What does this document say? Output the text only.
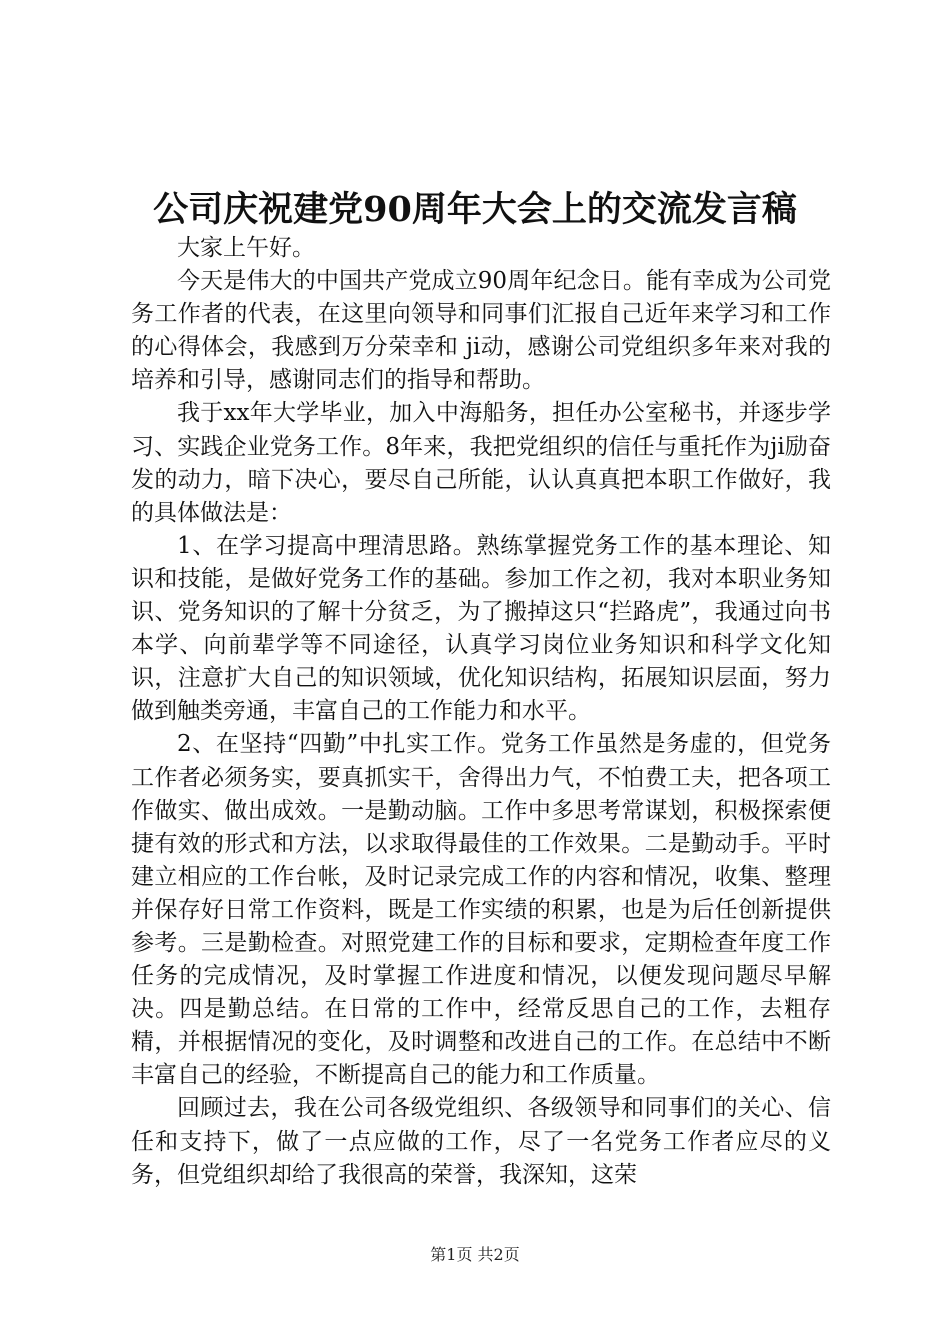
公司庆祝建党90周年大会上的交流发言稿

大家上午好。

今天是伟大的中国共产党成立90周年纪念日。能有幸成为公司党务工作者的代表，在这里向领导和同事们汇报自己近年来学习和工作的心得体会，我感到万分荣幸和 ji动，感谢公司党组织多年来对我的培养和引导，感谢同志们的指导和帮助。

我于xx年大学毕业，加入中海船务，担任办公室秘书，并逐步学习、实践企业党务工作。8年来，我把党组织的信任与重托作为ji励奋发的动力，暗下决心，要尽自己所能，认认真真把本职工作做好，我的具体做法是：

1、在学习提高中理清思路。熟练掌握党务工作的基本理论、知识和技能，是做好党务工作的基础。参加工作之初，我对本职业务知识、党务知识的了解十分贫乏，为了搬掉这只“拦路虎”，我通过向书本学、向前辈学等不同途径，认真学习岗位业务知识和科学文化知识，注意扩大自己的知识领域，优化知识结构，拓展知识层面，努力做到触类旁通，丰富自己的工作能力和水平。

2、在坚持“四勤”中扎实工作。党务工作虽然是务虚的，但党务工作者必须务实，要真抓实干，舍得出力气，不怕费工夫，把各项工作做实、做出成效。一是勤动脑。工作中多思考常谋划，积极探索便捷有效的形式和方法，以求取得最佳的工作效果。二是勤动手。平时建立相应的工作台帐，及时记录完成工作的内容和情况，收集、整理并保存好日常工作资料，既是工作实绩的积累，也是为后任创新提供参考。三是勤检查。对照党建工作的目标和要求，定期检查年度工作任务的完成情况，及时掌握工作进度和情况，以便发现问题尽早解决。四是勤总结。在日常的工作中，经常反思自己的工作，去粗存精，并根据情况的变化，及时调整和改进自己的工作。在总结中不断丰富自己的经验，不断提高自己的能力和工作质量。

回顾过去，我在公司各级党组织、各级领导和同事们的关心、信任和支持下，做了一点应做的工作，尽了一名党务工作者应尽的义务，但党组织却给了我很高的荣誉，我深知，这荣

第1页 共2页
